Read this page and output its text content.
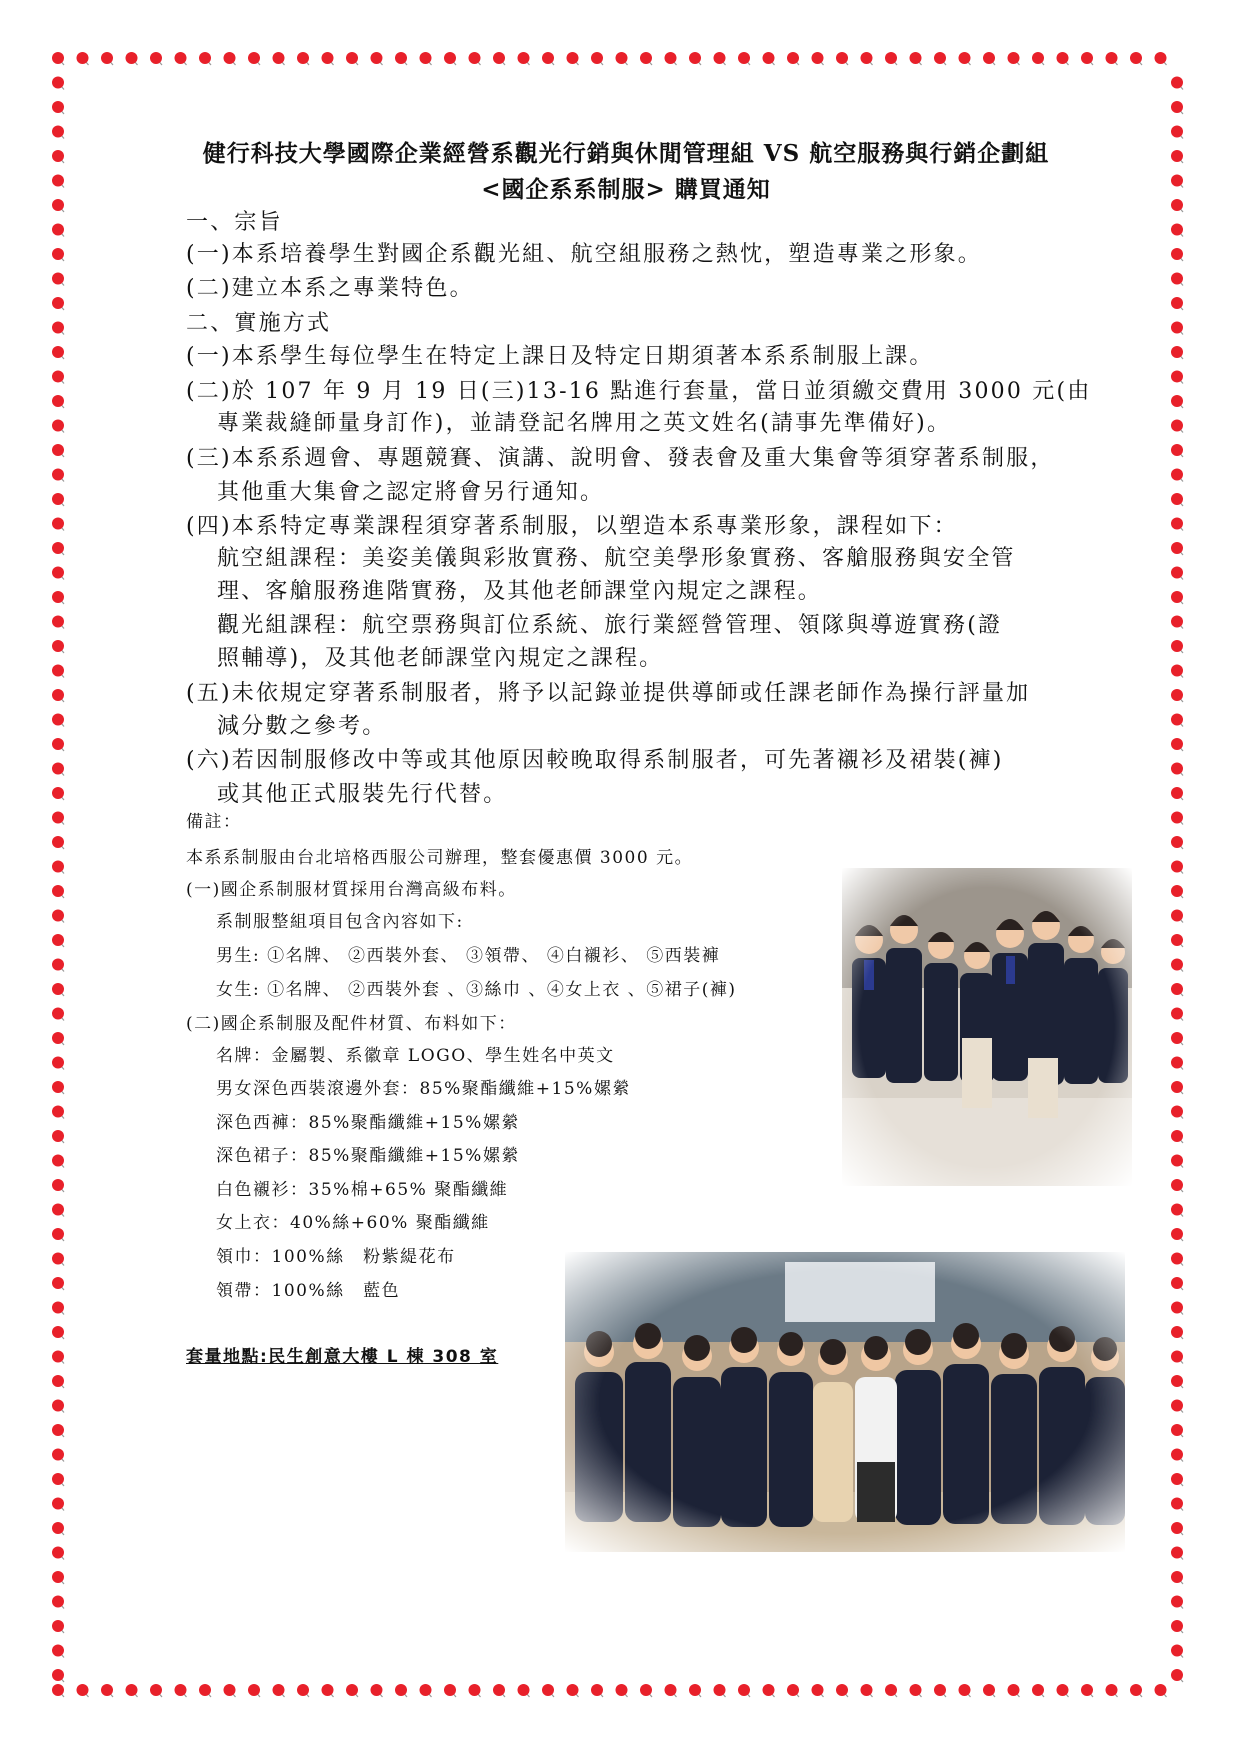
健行科技大學國際企業經營系觀光行銷與休閒管理組 VS 航空服務與行銷企劃組
<國企系系制服> 購買通知
一、宗旨
(一)本系培養學生對國企系觀光組、航空組服務之熱忱，塑造專業之形象。
(二)建立本系之專業特色。
二、實施方式
(一)本系學生每位學生在特定上課日及特定日期須著本系系制服上課。
(二)於 107 年 9 月 19 日(三)13-16 點進行套量，當日並須繳交費用 3000 元(由
專業裁縫師量身訂作)，並請登記名牌用之英文姓名(請事先準備好)。
(三)本系系週會、專題競賽、演講、說明會、發表會及重大集會等須穿著系制服，
其他重大集會之認定將會另行通知。
(四)本系特定專業課程須穿著系制服，以塑造本系專業形象，課程如下：
航空組課程：美姿美儀與彩妝實務、航空美學形象實務、客艙服務與安全管
理、客艙服務進階實務，及其他老師課堂內規定之課程。
觀光組課程：航空票務與訂位系統、旅行業經營管理、領隊與導遊實務(證
照輔導)，及其他老師課堂內規定之課程。
(五)未依規定穿著系制服者，將予以記錄並提供導師或任課老師作為操行評量加
減分數之參考。
(六)若因制服修改中等或其他原因較晚取得系制服者，可先著襯衫及裙裝(褲)
或其他正式服裝先行代替。
備註：
本系系制服由台北培格西服公司辦理，整套優惠價 3000 元。
(一)國企系制服材質採用台灣高級布料。
系制服整組項目包含內容如下:
男生: ①名牌、 ②西裝外套、 ③領帶、 ④白襯衫、 ⑤西裝褲
女生: ①名牌、 ②西裝外套 、③絲巾 、④女上衣 、⑤裙子(褲)
(二)國企系制服及配件材質、布料如下：
名牌：金屬製、系徽章 LOGO、學生姓名中英文
男女深色西裝滾邊外套：85%聚酯纖維+15%嫘縈
深色西褲：85%聚酯纖維+15%嫘縈
深色裙子：85%聚酯纖維+15%嫘縈
白色襯衫：35%棉+65% 聚酯纖維
女上衣：40%絲+60% 聚酯纖維
領巾：100%絲　粉紫緹花布
領帶：100%絲　藍色
套量地點:民生創意大樓 L 棟 308 室
